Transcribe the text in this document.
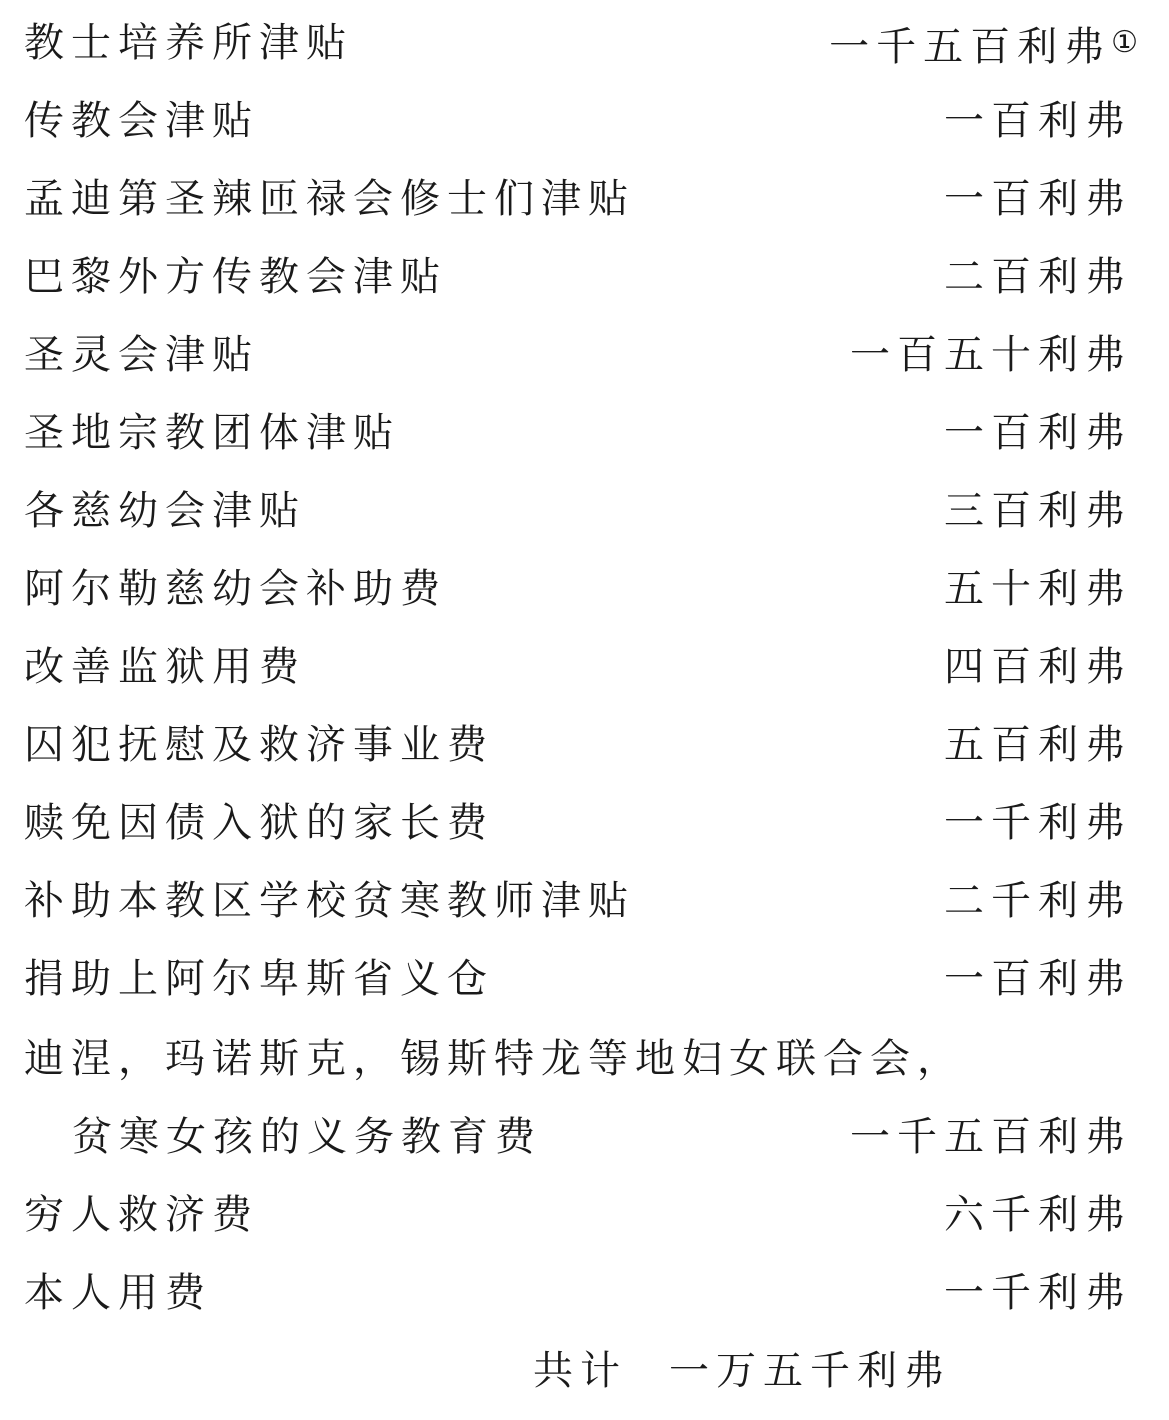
教士培养所津贴	一千五百利弗①
传教会津贴	一百利弗
孟迪第圣辣匝禄会修士们津贴	一百利弗
巴黎外方传教会津贴	二百利弗
圣灵会津贴	一百五十利弗
圣地宗教团体津贴	一百利弗
各慈幼会津贴	三百利弗
阿尔勒慈幼会补助费	五十利弗
改善监狱用费	四百利弗
囚犯抚慰及救济事业费	五百利弗
赎免因债入狱的家长费	一千利弗
补助本教区学校贫寒教师津贴	二千利弗
捐助上阿尔卑斯省义仓	一百利弗
迪涅，玛诺斯克，锡斯特龙等地妇女联合会，
贫寒女孩的义务教育费	一千五百利弗
穷人救济费	六千利弗
本人用费	一千利弗
共计 一万五千利弗
